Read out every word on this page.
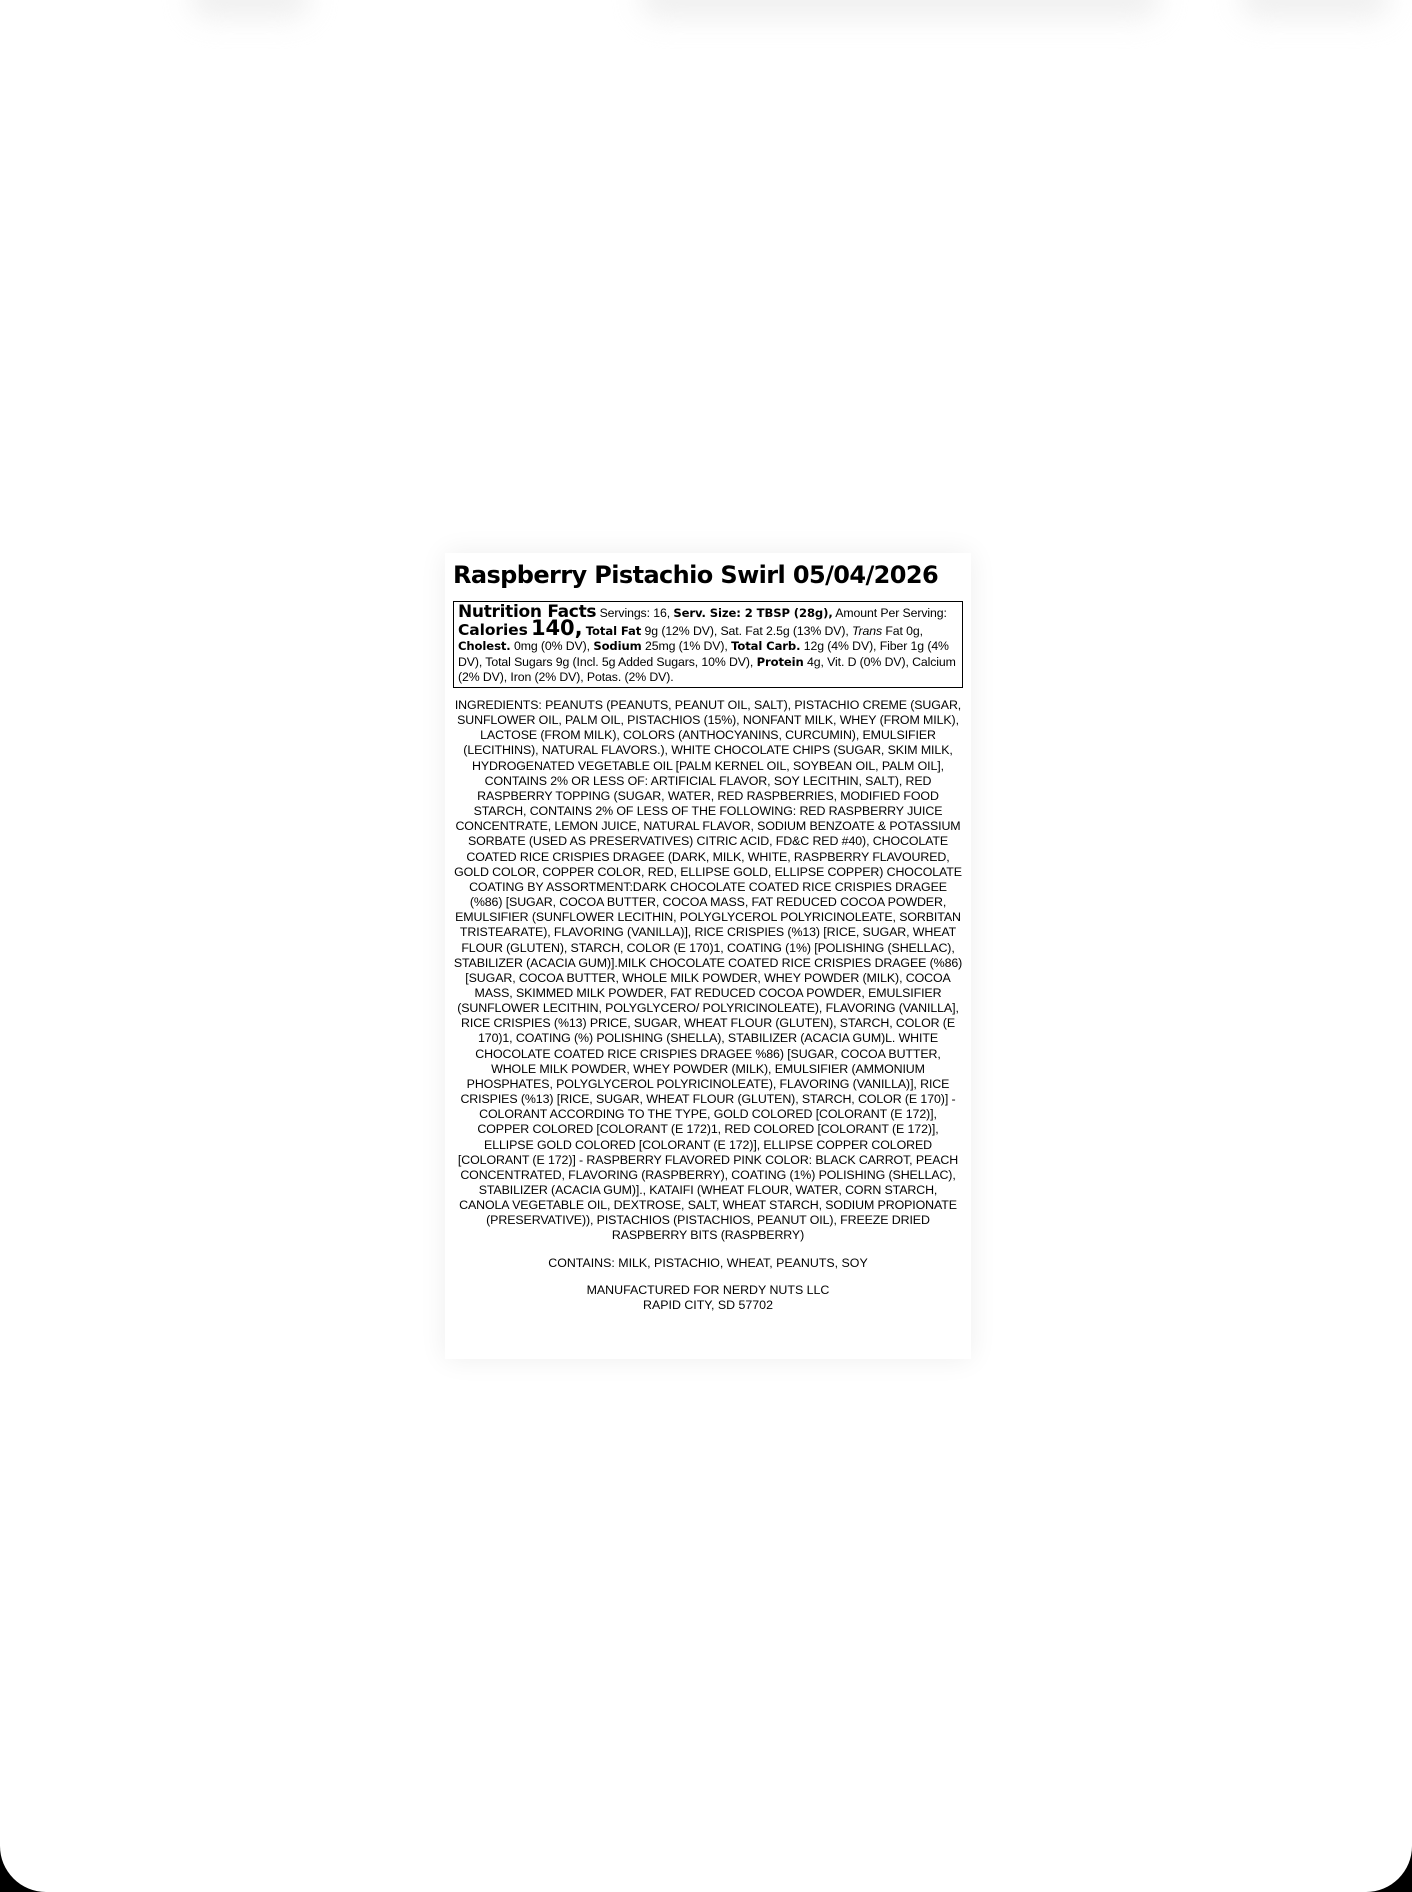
Raspberry Pistachio Swirl 05/04/2026
Nutrition Facts Servings: 16, Serv. Size: 2 TBSP (28g), Amount Per Serving: Calories 140, Total Fat 9g (12% DV), Sat. Fat 2.5g (13% DV), Trans Fat 0g, Cholest. 0mg (0% DV), Sodium 25mg (1% DV), Total Carb. 12g (4% DV), Fiber 1g (4% DV), Total Sugars 9g (Incl. 5g Added Sugars, 10% DV), Protein 4g, Vit. D (0% DV), Calcium (2% DV), Iron (2% DV), Potas. (2% DV).
INGREDIENTS: PEANUTS (PEANUTS, PEANUT OIL, SALT), PISTACHIO CREME (SUGAR, SUNFLOWER OIL, PALM OIL, PISTACHIOS (15%), NONFANT MILK, WHEY (FROM MILK), LACTOSE (FROM MILK), COLORS (ANTHOCYANINS, CURCUMIN), EMULSIFIER (LECITHINS), NATURAL FLAVORS.), WHITE CHOCOLATE CHIPS (SUGAR, SKIM MILK, HYDROGENATED VEGETABLE OIL [PALM KERNEL OIL, SOYBEAN OIL, PALM OIL], CONTAINS 2% OR LESS OF: ARTIFICIAL FLAVOR, SOY LECITHIN, SALT), RED RASPBERRY TOPPING (SUGAR, WATER, RED RASPBERRIES, MODIFIED FOOD STARCH, CONTAINS 2% OF LESS OF THE FOLLOWING: RED RASPBERRY JUICE CONCENTRATE, LEMON JUICE, NATURAL FLAVOR, SODIUM BENZOATE & POTASSIUM SORBATE (USED AS PRESERVATIVES) CITRIC ACID, FD&C RED #40), CHOCOLATE COATED RICE CRISPIES DRAGEE (DARK, MILK, WHITE, RASPBERRY FLAVOURED, GOLD COLOR, COPPER COLOR, RED, ELLIPSE GOLD, ELLIPSE COPPER) CHOCOLATE COATING BY ASSORTMENT:DARK CHOCOLATE COATED RICE CRISPIES DRAGEE (%86) [SUGAR, COCOA BUTTER, COCOA MASS, FAT REDUCED COCOA POWDER, EMULSIFIER (SUNFLOWER LECITHIN, POLYGLYCEROL POLYRICINOLEATE, SORBITAN TRISTEARATE), FLAVORING (VANILLA)], RICE CRISPIES (%13) [RICE, SUGAR, WHEAT FLOUR (GLUTEN), STARCH, COLOR (E 170)1, COATING (1%) [POLISHING (SHELLAC), STABILIZER (ACACIA GUM)].MILK CHOCOLATE COATED RICE CRISPIES DRAGEE (%86) [SUGAR, COCOA BUTTER, WHOLE MILK POWDER, WHEY POWDER (MILK), COCOA MASS, SKIMMED MILK POWDER, FAT REDUCED COCOA POWDER, EMULSIFIER (SUNFLOWER LECITHIN, POLYGLYCERO/ POLYRICINOLEATE), FLAVORING (VANILLA], RICE CRISPIES (%13) PRICE, SUGAR, WHEAT FLOUR (GLUTEN), STARCH, COLOR (E 170)1, COATING (%) POLISHING (SHELLA), STABILIZER (ACACIA GUM)L. WHITE CHOCOLATE COATED RICE CRISPIES DRAGEE %86) [SUGAR, COCOA BUTTER, WHOLE MILK POWDER, WHEY POWDER (MILK), EMULSIFIER (AMMONIUM PHOSPHATES, POLYGLYCEROL POLYRICINOLEATE), FLAVORING (VANILLA)], RICE CRISPIES (%13) [RICE, SUGAR, WHEAT FLOUR (GLUTEN), STARCH, COLOR (E 170)] - COLORANT ACCORDING TO THE TYPE, GOLD COLORED [COLORANT (E 172)], COPPER COLORED [COLORANT (E 172)1, RED COLORED [COLORANT (E 172)], ELLIPSE GOLD COLORED [COLORANT (E 172)], ELLIPSE COPPER COLORED [COLORANT (E 172)] - RASPBERRY FLAVORED PINK COLOR: BLACK CARROT, PEACH CONCENTRATED, FLAVORING (RASPBERRY), COATING (1%) POLISHING (SHELLAC), STABILIZER (ACACIA GUM)]., KATAIFI (WHEAT FLOUR, WATER, CORN STARCH, CANOLA VEGETABLE OIL, DEXTROSE, SALT, WHEAT STARCH, SODIUM PROPIONATE (PRESERVATIVE)), PISTACHIOS (PISTACHIOS, PEANUT OIL), FREEZE DRIED RASPBERRY BITS (RASPBERRY)
CONTAINS: MILK, PISTACHIO, WHEAT, PEANUTS, SOY
MANUFACTURED FOR NERDY NUTS LLC
RAPID CITY, SD 57702
